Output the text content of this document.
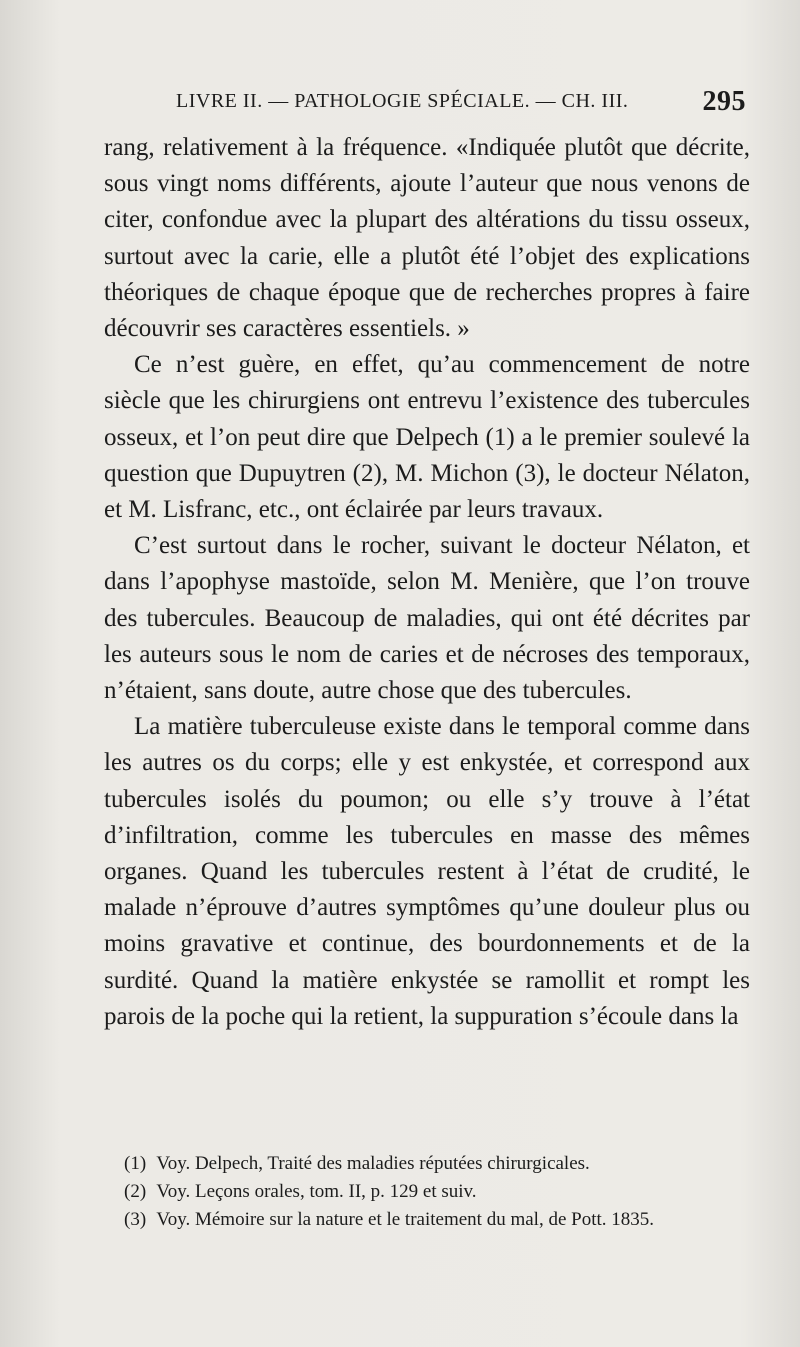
LIVRE II. — PATHOLOGIE SPÉCIALE. — CH. III.	295

rang, relativement à la fréquence. «Indiquée plutôt que décrite, sous vingt noms différents, ajoute l’auteur que nous venons de citer, confondue avec la plupart des altérations du tissu osseux, surtout avec la carie, elle a plutôt été l’objet des explications théoriques de chaque époque que de recherches propres à faire découvrir ses caractères essentiels. »

Ce n’est guère, en effet, qu’au commencement de notre siècle que les chirurgiens ont entrevu l’existence des tubercules osseux, et l’on peut dire que Delpech (1) a le premier soulevé la question que Dupuytren (2), M. Michon (3), le docteur Nélaton, et M. Lisfranc, etc., ont éclairée par leurs travaux.

C’est surtout dans le rocher, suivant le docteur Nélaton, et dans l’apophyse mastoïde, selon M. Menière, que l’on trouve des tubercules. Beaucoup de maladies, qui ont été décrites par les auteurs sous le nom de caries et de nécroses des temporaux, n’étaient, sans doute, autre chose que des tubercules.

La matière tuberculeuse existe dans le temporal comme dans les autres os du corps; elle y est enkystée, et correspond aux tubercules isolés du poumon; ou elle s’y trouve à l’état d’infiltration, comme les tubercules en masse des mêmes organes. Quand les tubercules restent à l’état de crudité, le malade n’éprouve d’autres symptômes qu’une douleur plus ou moins gravative et continue, des bourdonnements et de la surdité. Quand la matière enkystée se ramollit et rompt les parois de la poche qui la retient, la suppuration s’écoule dans la

(1) Voy. Delpech, Traité des maladies réputées chirurgicales.

(2) Voy. Leçons orales, tom. II, p. 129 et suiv.

(3) Voy. Mémoire sur la nature et le traitement du mal, de Pott. 1835.
